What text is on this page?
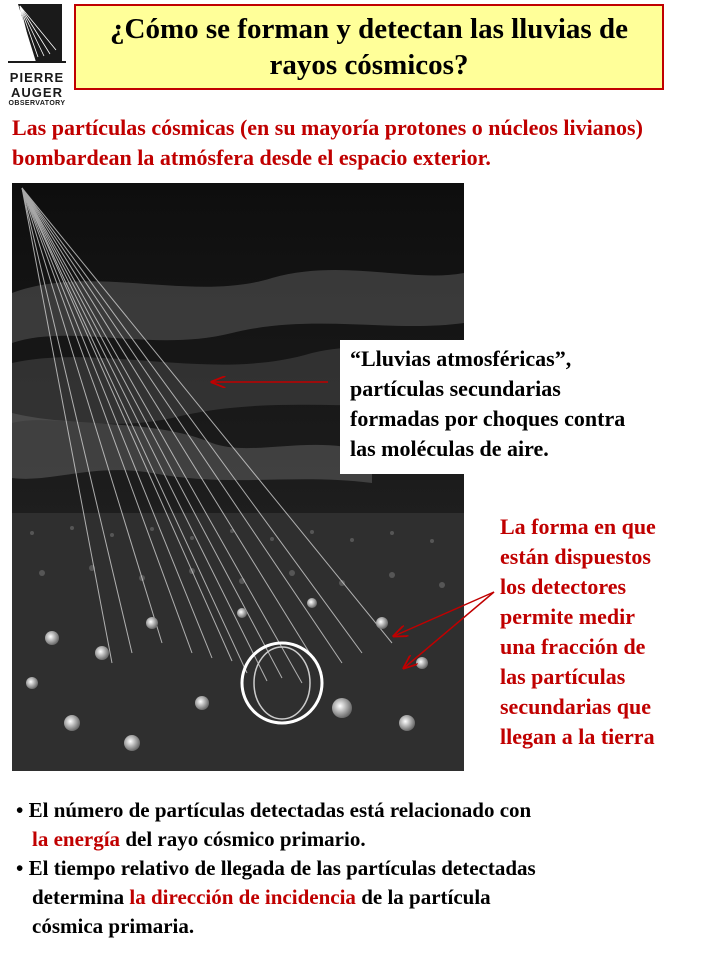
PIERRE
AUGER
OBSERVATORY
¿Cómo se forman y detectan las lluvias de rayos cósmicos?
Las partículas cósmicas (en su mayoría protones o núcleos livianos) bombardean la atmósfera desde el espacio exterior.
“Lluvias atmosféricas”,
partículas secundarias
formadas por choques contra
las moléculas de aire.
La forma en que
están dispuestos
los detectores
permite medir
una fracción de
las partículas
secundarias que
llegan a la tierra
• El número de partículas detectadas está relacionado con
la energía del rayo cósmico primario.
• El tiempo relativo de llegada de las partículas detectadas
determina la dirección de incidencia de la partícula
cósmica primaria.
